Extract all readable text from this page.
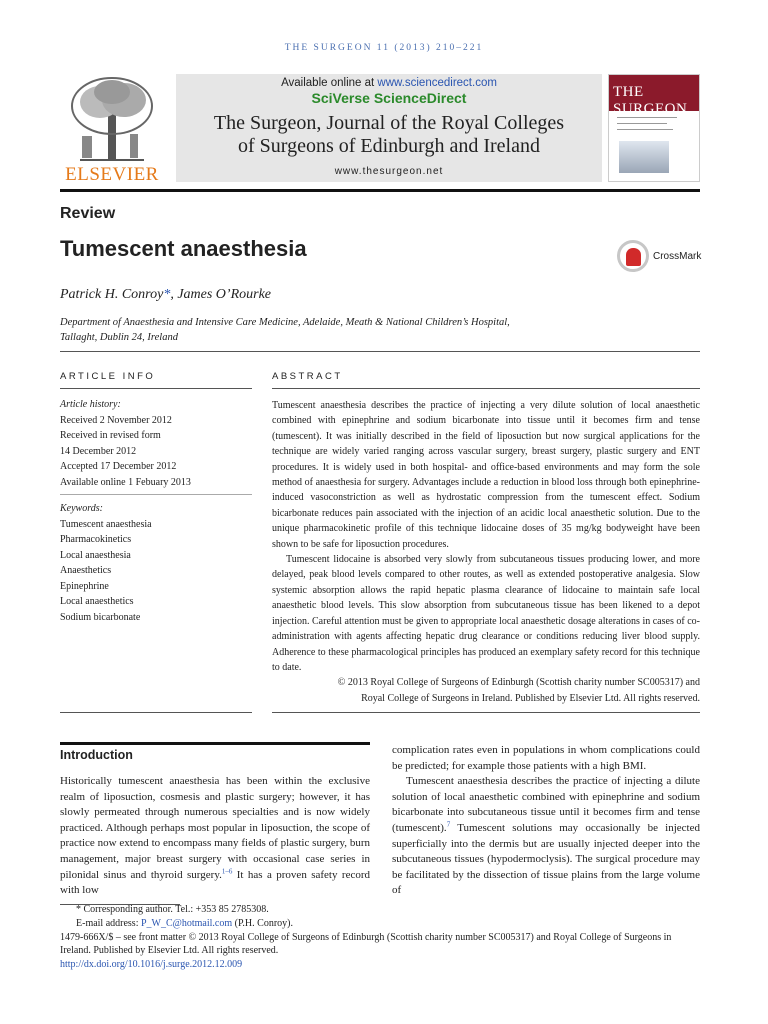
THE SURGEON 11 (2013) 210–221
ELSEVIER
Available online at www.sciencedirect.com
SciVerse ScienceDirect
The Surgeon, Journal of the Royal Colleges
of Surgeons of Edinburgh and Ireland
www.thesurgeon.net
THE SURGEON
Review
Tumescent anaesthesia	CrossMark
Patrick H. Conroy*, James O’Rourke
Department of Anaesthesia and Intensive Care Medicine, Adelaide, Meath & National Children’s Hospital,
Tallaght, Dublin 24, Ireland
ARTICLE INFO	ABSTRACT
Article history:
Received 2 November 2012
Received in revised form
14 December 2012
Accepted 17 December 2012
Available online 1 Febuary 2013
Keywords:
Tumescent anaesthesia
Pharmacokinetics
Local anaesthesia
Anaesthetics
Epinephrine
Local anaesthetics
Sodium bicarbonate

Tumescent anaesthesia describes the practice of injecting a very dilute solution of local anaesthetic combined with epinephrine and sodium bicarbonate into tissue until it becomes firm and tense (tumescent). It was initially described in the field of liposuction but now surgical applications for the technique are widely varied ranging across vascular surgery, breast surgery, plastic surgery and ENT procedures. It is widely used in both hospital- and office-based environments and may form the sole method of anaesthesia for surgery. Advantages include a reduction in blood loss through both epinephrine-induced vasoconstriction as well as hydrostatic compression from the tumescent effect. Sodium bicarbonate reduces pain associated with the injection of an acidic local anaesthetic solution. Due to the unique pharmacokinetic profile of this technique lidocaine doses of 35 mg/kg bodyweight have been shown to be safe for liposuction procedures.

Tumescent lidocaine is absorbed very slowly from subcutaneous tissues producing lower, and more delayed, peak blood levels compared to other routes, as well as extended postoperative analgesia. Slow systemic absorption allows the rapid hepatic plasma clearance of lidocaine to maintain safe local anaesthetic blood levels. This slow absorption from subcutaneous tissue has been likened to a depot injection. Careful attention must be given to appropriate local anaesthetic dosage alterations in cases of co-administration with agents affecting hepatic drug clearance or conditions reducing liver blood supply. Adherence to these pharmacological principles has produced an exemplary safety record for this technique to date.

© 2013 Royal College of Surgeons of Edinburgh (Scottish charity number SC005317) and

Royal College of Surgeons in Ireland. Published by Elsevier Ltd. All rights reserved.

Introduction

Historically tumescent anaesthesia has been within the exclusive realm of liposuction, cosmesis and plastic surgery; however, it has slowly permeated through numerous specialties and is now widely practiced. Although perhaps most popular in liposuction, the scope of practice now extend to encompass many fields of plastic surgery, burn management, major breast surgery with occasional case series in pilonidal sinus and thyroid surgery.$^{1-6}$ It has a proven safety record with low

complication rates even in populations in whom complications could be predicted; for example those patients with a high BMI.

Tumescent anaesthesia describes the practice of injecting a dilute solution of local anaesthetic combined with epinephrine and sodium bicarbonate into subcutaneous tissue until it becomes firm and tense (tumescent).$^7$ Tumescent solutions may occasionally be injected superficially into the dermis but are usually injected deeper into the subcutaneous tissues (hypodermoclysis). The surgical procedure may be facilitated by the dissection of tissue plains from the large volume of

* Corresponding author. Tel.: +353 85 2785308.
E-mail address: P_W_C@hotmail.com (P.H. Conroy).
1479-666X/$ – see front matter © 2013 Royal College of Surgeons of Edinburgh (Scottish charity number SC005317) and Royal College of Surgeons in Ireland. Published by Elsevier Ltd. All rights reserved.
http://dx.doi.org/10.1016/j.surge.2012.12.009
